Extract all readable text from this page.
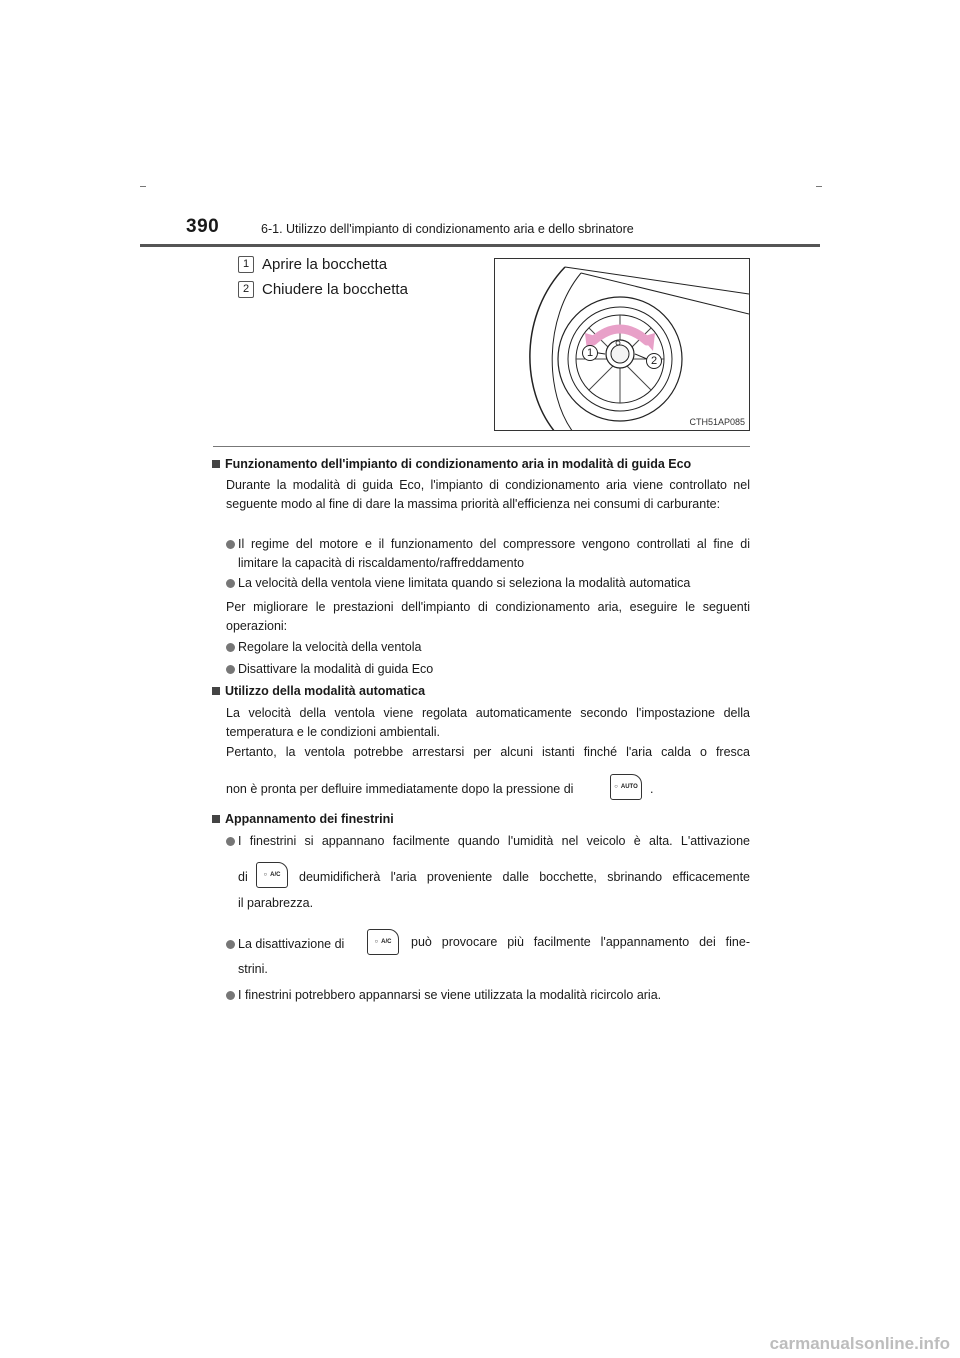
390	6-1. Utilizzo dell'impianto di condizionamento aria e dello sbrinatore
1 Aprire la bocchetta
2 Chiudere la bocchetta
1
2
CTH51AP085
Funzionamento dell'impianto di condizionamento aria in modalità di guida Eco
Durante la modalità di guida Eco, l'impianto di condizionamento aria viene controllato nel seguente modo al fine di dare la massima priorità all'efficienza nei consumi di carburante:
Il regime del motore e il funzionamento del compressore vengono controllati al fine di limitare la capacità di riscaldamento/raffreddamento
La velocità della ventola viene limitata quando si seleziona la modalità automatica
Per migliorare le prestazioni dell'impianto di condizionamento aria, eseguire le seguenti operazioni:
Regolare la velocità della ventola
Disattivare la modalità di guida Eco
Utilizzo della modalità automatica
La velocità della ventola viene regolata automaticamente secondo l'impostazione della temperatura e le condizioni ambientali.
Pertanto, la ventola potrebbe arrestarsi per alcuni istanti finché l'aria calda o fresca
non è pronta per defluire immediatamente dopo la pressione di	○ AUTO .
Appannamento dei finestrini
I finestrini si appannano facilmente quando l'umidità nel veicolo è alta. L'attivazione
di	○ A/C deumidificherà l'aria proveniente dalle bocchette, sbrinando efficacemente
il parabrezza.
La disattivazione di	○ A/C può provocare più facilmente l'appannamento dei fine-
strini.
I finestrini potrebbero appannarsi se viene utilizzata la modalità ricircolo aria.
carmanualsonline.info
